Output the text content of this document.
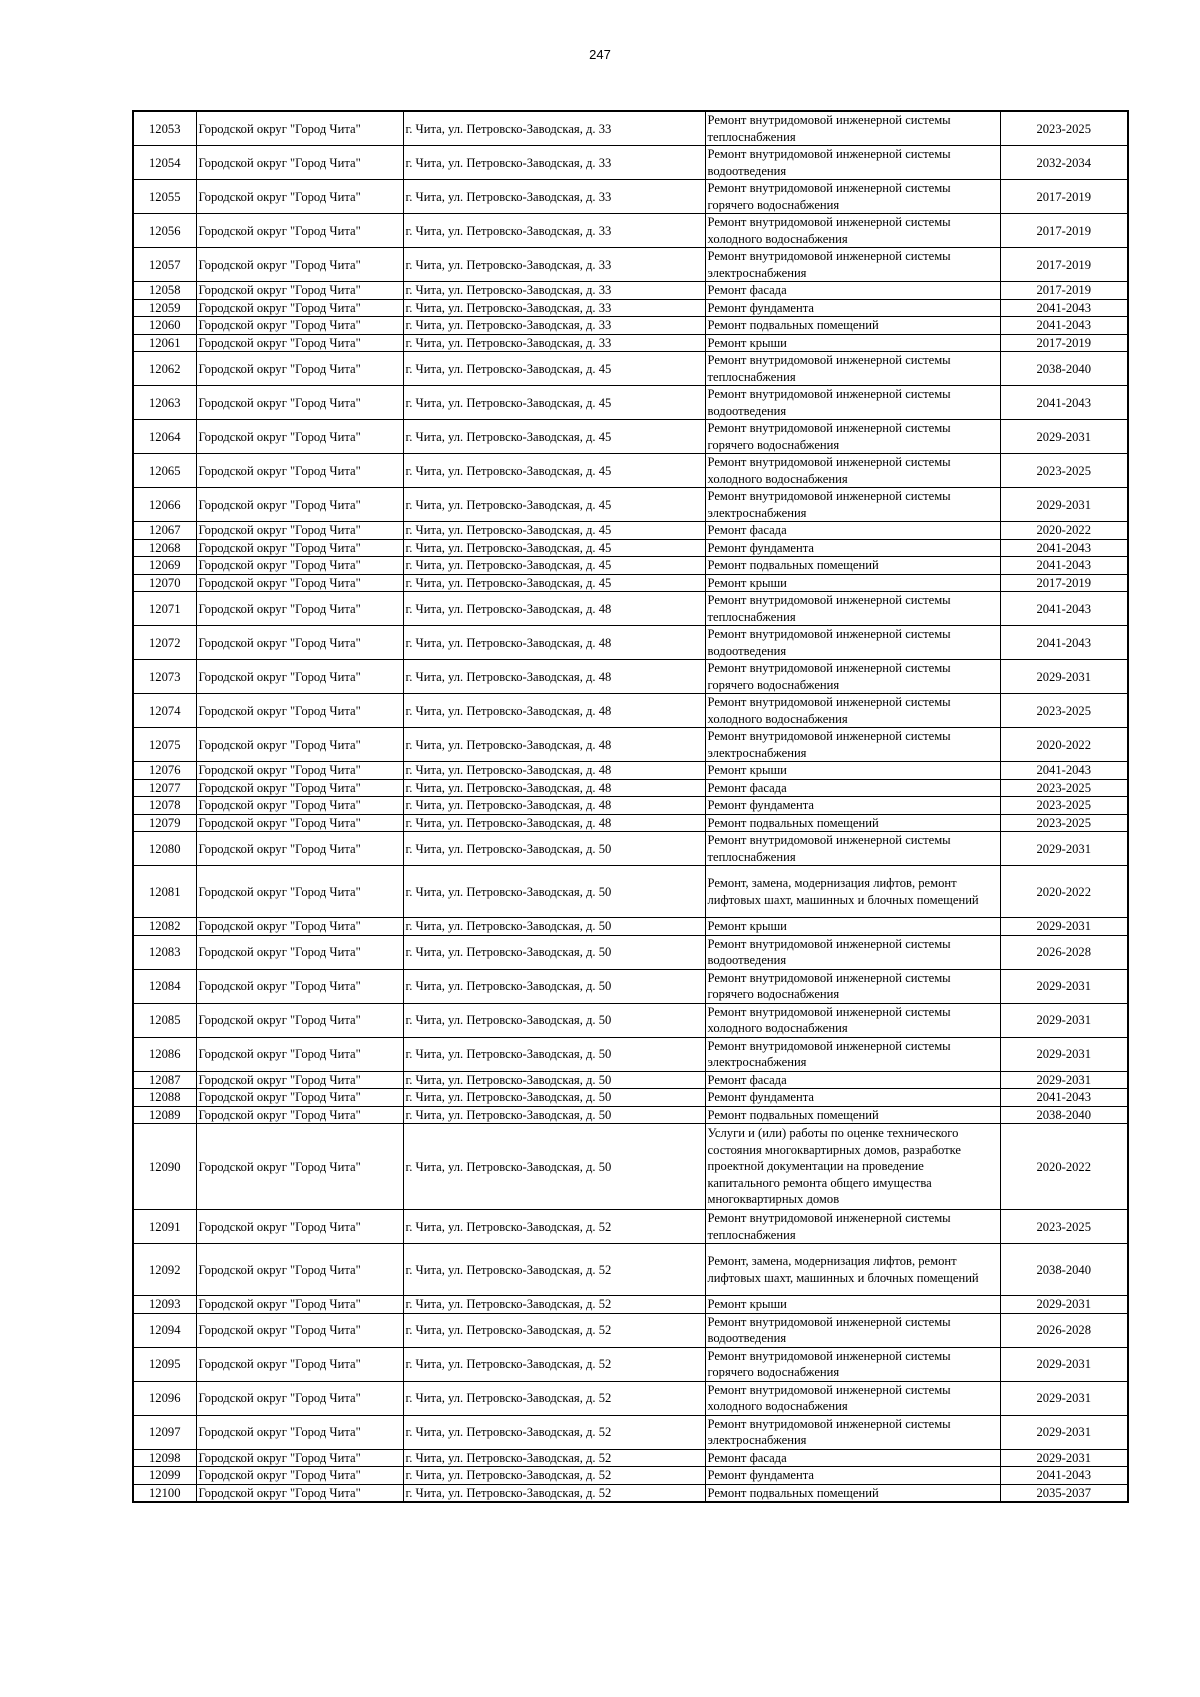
247
12053	Городской округ "Город Чита"	г. Чита, ул. Петровско-Заводская, д. 33	Ремонт внутридомовой инженерной системы теплоснабжения	2023-2025
12054	Городской округ "Город Чита"	г. Чита, ул. Петровско-Заводская, д. 33	Ремонт внутридомовой инженерной системы водоотведения	2032-2034
12055	Городской округ "Город Чита"	г. Чита, ул. Петровско-Заводская, д. 33	Ремонт внутридомовой инженерной системы горячего водоснабжения	2017-2019
12056	Городской округ "Город Чита"	г. Чита, ул. Петровско-Заводская, д. 33	Ремонт внутридомовой инженерной системы холодного водоснабжения	2017-2019
12057	Городской округ "Город Чита"	г. Чита, ул. Петровско-Заводская, д. 33	Ремонт внутридомовой инженерной системы электроснабжения	2017-2019
12058	Городской округ "Город Чита"	г. Чита, ул. Петровско-Заводская, д. 33	Ремонт фасада	2017-2019
12059	Городской округ "Город Чита"	г. Чита, ул. Петровско-Заводская, д. 33	Ремонт фундамента	2041-2043
12060	Городской округ "Город Чита"	г. Чита, ул. Петровско-Заводская, д. 33	Ремонт подвальных помещений	2041-2043
12061	Городской округ "Город Чита"	г. Чита, ул. Петровско-Заводская, д. 33	Ремонт крыши	2017-2019
12062	Городской округ "Город Чита"	г. Чита, ул. Петровско-Заводская, д. 45	Ремонт внутридомовой инженерной системы теплоснабжения	2038-2040
12063	Городской округ "Город Чита"	г. Чита, ул. Петровско-Заводская, д. 45	Ремонт внутридомовой инженерной системы водоотведения	2041-2043
12064	Городской округ "Город Чита"	г. Чита, ул. Петровско-Заводская, д. 45	Ремонт внутридомовой инженерной системы горячего водоснабжения	2029-2031
12065	Городской округ "Город Чита"	г. Чита, ул. Петровско-Заводская, д. 45	Ремонт внутридомовой инженерной системы холодного водоснабжения	2023-2025
12066	Городской округ "Город Чита"	г. Чита, ул. Петровско-Заводская, д. 45	Ремонт внутридомовой инженерной системы электроснабжения	2029-2031
12067	Городской округ "Город Чита"	г. Чита, ул. Петровско-Заводская, д. 45	Ремонт фасада	2020-2022
12068	Городской округ "Город Чита"	г. Чита, ул. Петровско-Заводская, д. 45	Ремонт фундамента	2041-2043
12069	Городской округ "Город Чита"	г. Чита, ул. Петровско-Заводская, д. 45	Ремонт подвальных помещений	2041-2043
12070	Городской округ "Город Чита"	г. Чита, ул. Петровско-Заводская, д. 45	Ремонт крыши	2017-2019
12071	Городской округ "Город Чита"	г. Чита, ул. Петровско-Заводская, д. 48	Ремонт внутридомовой инженерной системы теплоснабжения	2041-2043
12072	Городской округ "Город Чита"	г. Чита, ул. Петровско-Заводская, д. 48	Ремонт внутридомовой инженерной системы водоотведения	2041-2043
12073	Городской округ "Город Чита"	г. Чита, ул. Петровско-Заводская, д. 48	Ремонт внутридомовой инженерной системы горячего водоснабжения	2029-2031
12074	Городской округ "Город Чита"	г. Чита, ул. Петровско-Заводская, д. 48	Ремонт внутридомовой инженерной системы холодного водоснабжения	2023-2025
12075	Городской округ "Город Чита"	г. Чита, ул. Петровско-Заводская, д. 48	Ремонт внутридомовой инженерной системы электроснабжения	2020-2022
12076	Городской округ "Город Чита"	г. Чита, ул. Петровско-Заводская, д. 48	Ремонт крыши	2041-2043
12077	Городской округ "Город Чита"	г. Чита, ул. Петровско-Заводская, д. 48	Ремонт фасада	2023-2025
12078	Городской округ "Город Чита"	г. Чита, ул. Петровско-Заводская, д. 48	Ремонт фундамента	2023-2025
12079	Городской округ "Город Чита"	г. Чита, ул. Петровско-Заводская, д. 48	Ремонт подвальных помещений	2023-2025
12080	Городской округ "Город Чита"	г. Чита, ул. Петровско-Заводская, д. 50	Ремонт внутридомовой инженерной системы теплоснабжения	2029-2031
12081	Городской округ "Город Чита"	г. Чита, ул. Петровско-Заводская, д. 50	Ремонт, замена, модернизация лифтов, ремонт лифтовых шахт, машинных и блочных помещений	2020-2022
12082	Городской округ "Город Чита"	г. Чита, ул. Петровско-Заводская, д. 50	Ремонт крыши	2029-2031
12083	Городской округ "Город Чита"	г. Чита, ул. Петровско-Заводская, д. 50	Ремонт внутридомовой инженерной системы водоотведения	2026-2028
12084	Городской округ "Город Чита"	г. Чита, ул. Петровско-Заводская, д. 50	Ремонт внутридомовой инженерной системы горячего водоснабжения	2029-2031
12085	Городской округ "Город Чита"	г. Чита, ул. Петровско-Заводская, д. 50	Ремонт внутридомовой инженерной системы холодного водоснабжения	2029-2031
12086	Городской округ "Город Чита"	г. Чита, ул. Петровско-Заводская, д. 50	Ремонт внутридомовой инженерной системы электроснабжения	2029-2031
12087	Городской округ "Город Чита"	г. Чита, ул. Петровско-Заводская, д. 50	Ремонт фасада	2029-2031
12088	Городской округ "Город Чита"	г. Чита, ул. Петровско-Заводская, д. 50	Ремонт фундамента	2041-2043
12089	Городской округ "Город Чита"	г. Чита, ул. Петровско-Заводская, д. 50	Ремонт подвальных помещений	2038-2040
12090	Городской округ "Город Чита"	г. Чита, ул. Петровско-Заводская, д. 50	Услуги и (или) работы по оценке технического состояния многоквартирных домов, разработке проектной документации на проведение капитального ремонта общего имущества многоквартирных домов	2020-2022
12091	Городской округ "Город Чита"	г. Чита, ул. Петровско-Заводская, д. 52	Ремонт внутридомовой инженерной системы теплоснабжения	2023-2025
12092	Городской округ "Город Чита"	г. Чита, ул. Петровско-Заводская, д. 52	Ремонт, замена, модернизация лифтов, ремонт лифтовых шахт, машинных и блочных помещений	2038-2040
12093	Городской округ "Город Чита"	г. Чита, ул. Петровско-Заводская, д. 52	Ремонт крыши	2029-2031
12094	Городской округ "Город Чита"	г. Чита, ул. Петровско-Заводская, д. 52	Ремонт внутридомовой инженерной системы водоотведения	2026-2028
12095	Городской округ "Город Чита"	г. Чита, ул. Петровско-Заводская, д. 52	Ремонт внутридомовой инженерной системы горячего водоснабжения	2029-2031
12096	Городской округ "Город Чита"	г. Чита, ул. Петровско-Заводская, д. 52	Ремонт внутридомовой инженерной системы холодного водоснабжения	2029-2031
12097	Городской округ "Город Чита"	г. Чита, ул. Петровско-Заводская, д. 52	Ремонт внутридомовой инженерной системы электроснабжения	2029-2031
12098	Городской округ "Город Чита"	г. Чита, ул. Петровско-Заводская, д. 52	Ремонт фасада	2029-2031
12099	Городской округ "Город Чита"	г. Чита, ул. Петровско-Заводская, д. 52	Ремонт фундамента	2041-2043
12100	Городской округ "Город Чита"	г. Чита, ул. Петровско-Заводская, д. 52	Ремонт подвальных помещений	2035-2037
